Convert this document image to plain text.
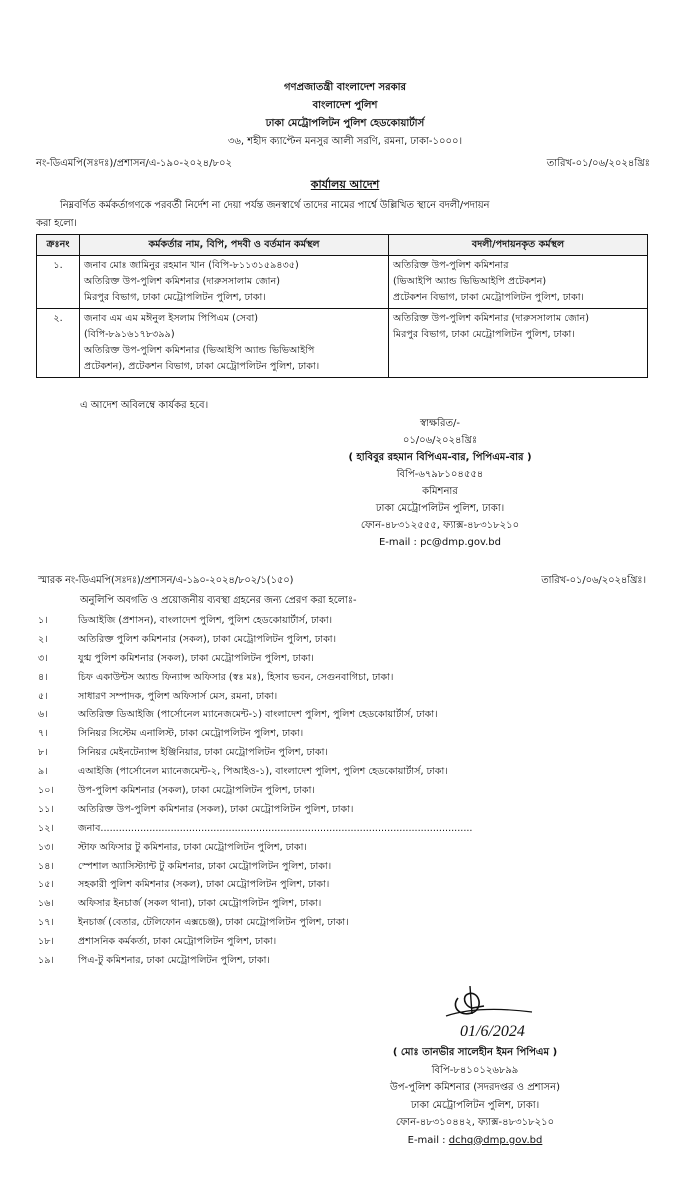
গণপ্রজাতন্ত্রী বাংলাদেশ সরকার
বাংলাদেশ পুলিশ
ঢাকা মেট্রোপলিটন পুলিশ হেডকোয়ার্টার্স
৩৬, শহীদ ক্যাপ্টেন মনসুর আলী সরণি, রমনা, ঢাকা-১০০০।
নং-ডিএমপি(সঃদঃ)/প্রশাসন/এ-১৯০-২০২৪/৮০২	তারিখ-০১/০৬/২০২৪খ্রিঃ
কার্যালয় আদেশ
নিম্নবর্ণিত কর্মকর্তাগণকে পরবর্তী নির্দেশ না দেয়া পর্যন্ত জনস্বার্থে তাদের নামের পার্শ্বে উল্লিখিত স্থানে বদলী/পদায়ন
করা হলো।
ক্রঃনং	কর্মকর্তার নাম, বিপি, পদবী ও বর্তমান কর্মস্থল	বদলী/পদায়নকৃত কর্মস্থল
১.	জনাব মোঃ জামিনুর রহমান খান (বিপি-৮১১৩১৫৯৪৩৫)
অতিরিক্ত উপ-পুলিশ কমিশনার (দারুসসালাম জোন)
মিরপুর বিভাগ, ঢাকা মেট্রোপলিটন পুলিশ, ঢাকা।	অতিরিক্ত উপ-পুলিশ কমিশনার
(ভিআইপি অ্যান্ড ভিভিআইপি প্রটেকশন)
প্রটেকশন বিভাগ, ঢাকা মেট্রোপলিটন পুলিশ, ঢাকা।

২.	জনাব এম এম মঈনুল ইসলাম পিপিএম (সেবা)
(বিপি-৮৯১৬১৭৮৩৯৯)
অতিরিক্ত উপ-পুলিশ কমিশনার (ভিআইপি অ্যান্ড ভিভিআইপি
প্রটেকশন), প্রটেকশন বিভাগ, ঢাকা মেট্রোপলিটন পুলিশ, ঢাকা।	অতিরিক্ত উপ-পুলিশ কমিশনার (দারুসসালাম জোন)
মিরপুর বিভাগ, ঢাকা মেট্রোপলিটন পুলিশ, ঢাকা।
এ আদেশ অবিলম্বে কার্যকর হবে।
স্বাক্ষরিত/-
০১/০৬/২০২৪খ্রিঃ
( হাবিবুর রহমান বিপিএম-বার, পিপিএম-বার )
বিপি-৬৭৯৮১০৪৫৫৪
কমিশনার
ঢাকা মেট্রোপলিটন পুলিশ, ঢাকা।
ফোন-৪৮৩১২৫৫৫, ফ্যাক্স-৪৮৩১৮২১০
E-mail : pc@dmp.gov.bd
স্মারক নং-ডিএমপি(সঃদঃ)/প্রশাসন/এ-১৯০-২০২৪/৮০২/১(১৫০)	তারিখ-০১/০৬/২০২৪খ্রিঃ।
অনুলিপি অবগতি ও প্রয়োজনীয় ব্যবস্থা গ্রহনের জন্য প্রেরণ করা হলোঃ-
১।	ডিআইজি (প্রশাসন), বাংলাদেশ পুলিশ, পুলিশ হেডকোয়ার্টার্স, ঢাকা।
২।	অতিরিক্ত পুলিশ কমিশনার (সকল), ঢাকা মেট্রোপলিটন পুলিশ, ঢাকা।
৩।	যুগ্ম পুলিশ কমিশনার (সকল), ঢাকা মেট্রোপলিটন পুলিশ, ঢাকা।
৪।	চিফ একাউন্টস অ্যান্ড ফিন্যান্স অফিসার (স্বঃ মঃ), হিসাব ভবন, সেগুনবাগিচা, ঢাকা।
৫।	সাধারণ সম্পাদক, পুলিশ অফিসার্স মেস, রমনা, ঢাকা।
৬।	অতিরিক্ত ডিআইজি (পার্সোনেল ম্যানেজমেন্ট-১) বাংলাদেশ পুলিশ, পুলিশ হেডকোয়ার্টার্স, ঢাকা।
৭।	সিনিয়র সিস্টেম এনালিস্ট, ঢাকা মেট্রোপলিটন পুলিশ, ঢাকা।
৮।	সিনিয়র মেইনটেন্যান্স ইঞ্জিনিয়ার, ঢাকা মেট্রোপলিটন পুলিশ, ঢাকা।
৯।	এআইজি (পার্সোনেল ম্যানেজমেন্ট-২, পিআইও-১), বাংলাদেশ পুলিশ, পুলিশ হেডকোয়ার্টার্স, ঢাকা।
১০।	উপ-পুলিশ কমিশনার (সকল), ঢাকা মেট্রোপলিটন পুলিশ, ঢাকা।
১১।	অতিরিক্ত উপ-পুলিশ কমিশনার (সকল), ঢাকা মেট্রোপলিটন পুলিশ, ঢাকা।
১২।	জনাব..........................................................................................................................
১৩।	স্টাফ অফিসার টু কমিশনার, ঢাকা মেট্রোপলিটন পুলিশ, ঢাকা।
১৪।	স্পেশাল অ্যাসিস্ট্যান্ট টু কমিশনার, ঢাকা মেট্রোপলিটন পুলিশ, ঢাকা।
১৫।	সহকারী পুলিশ কমিশনার (সকল), ঢাকা মেট্রোপলিটন পুলিশ, ঢাকা।
১৬।	অফিসার ইনচার্জ (সকল থানা), ঢাকা মেট্রোপলিটন পুলিশ, ঢাকা।
১৭।	ইনচার্জ (বেতার, টেলিফোন এক্সচেঞ্জ), ঢাকা মেট্রোপলিটন পুলিশ, ঢাকা।
১৮।	প্রশাসনিক কর্মকর্তা, ঢাকা মেট্রোপলিটন পুলিশ, ঢাকা।
১৯।	পিএ-টু কমিশনার, ঢাকা মেট্রোপলিটন পুলিশ, ঢাকা।
01/6/2024
( মোঃ তানভীর সালেহীন ইমন পিপিএম )
বিপি-৮৪১০১২৬৮৯৯
উপ-পুলিশ কমিশনার (সদরদপ্তর ও প্রশাসন)
ঢাকা মেট্রোপলিটন পুলিশ, ঢাকা।
ফোন-৪৮৩১০৪৪২, ফ্যাক্স-৪৮৩১৮২১০
E-mail : dchq@dmp.gov.bd
